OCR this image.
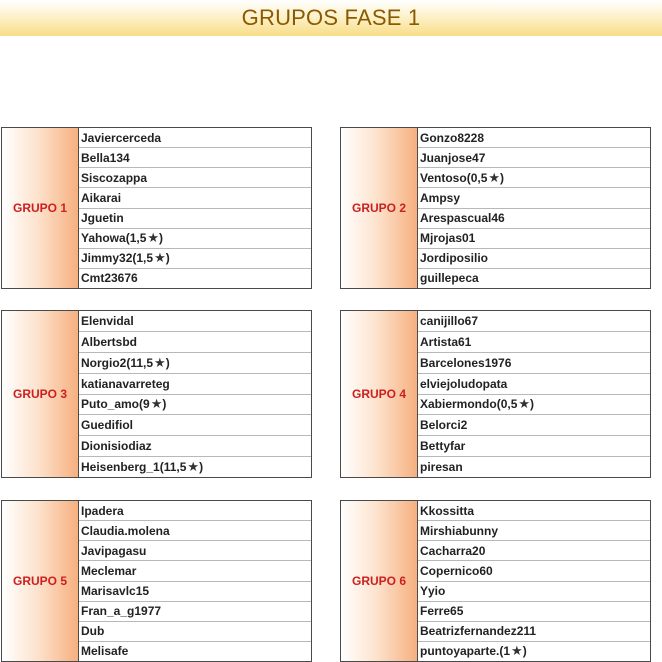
GRUPOS FASE 1
GRUPO 1
Javiercerceda
Bella134
Siscozappa
Aikarai
Jguetin
Yahowa ( 1,5 ★ )
Jimmy32 ( 1,5 ★ )
Cmt23676
GRUPO 2
Gonzo8228
Juanjose47
Ventoso ( 0,5 ★ )
Ampsy
Arespascual46
Mjrojas01
Jordiposilio
guillepeca
GRUPO 3
Elenvidal
Albertsbd
Norgio2 ( 11,5 ★ )
katianavarreteg
Puto_amo ( 9 ★ )
Guedifiol
Dionisiodiaz
Heisenberg_1 ( 11,5 ★ )
GRUPO 4
canijillo67
Artista61
Barcelones1976
elviejoludopata
Xabiermondo ( 0,5 ★ )
Belorci2
Bettyfar
piresan
GRUPO 5
Ipadera
Claudia.molena
Javipagasu
Meclemar
Marisavlc15
Fran_a_g1977
Dub
Melisafe
GRUPO 6
Kkossitta
Mirshiabunny
Cacharra20
Copernico60
Yyio
Ferre65
Beatrizfernandez211
puntoyaparte. ( 1 ★ )
